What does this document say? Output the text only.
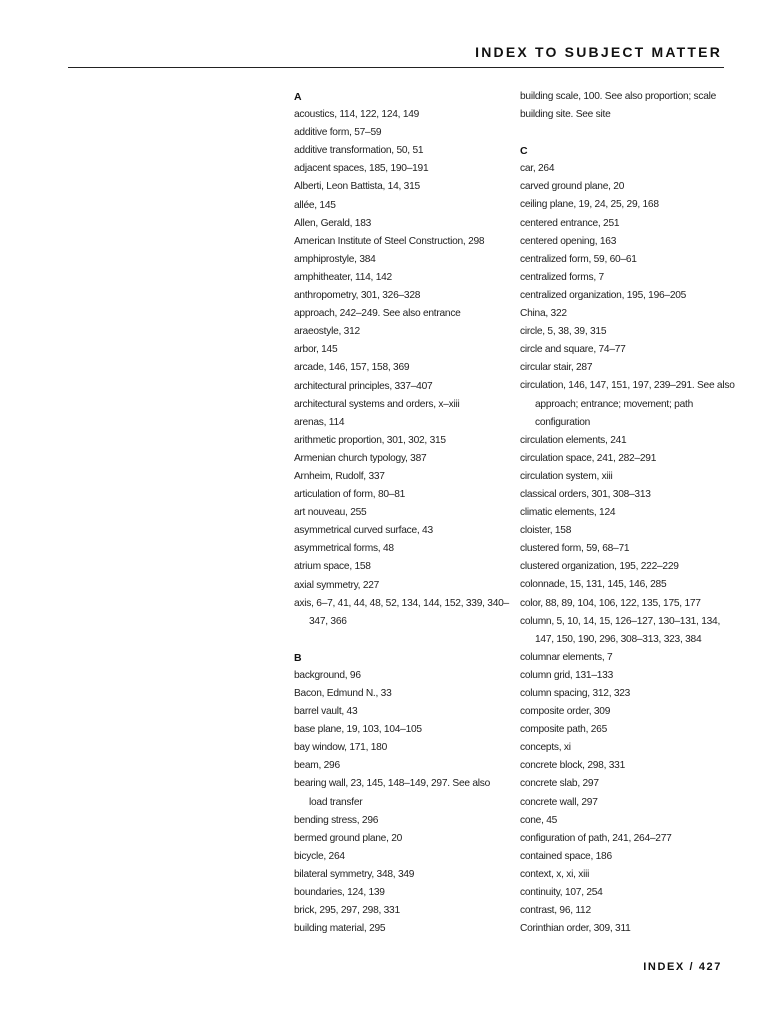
INDEX TO SUBJECT MATTER
A
acoustics, 114, 122, 124, 149
additive form, 57–59
additive transformation, 50, 51
adjacent spaces, 185, 190–191
Alberti, Leon Battista, 14, 315
allée, 145
Allen, Gerald, 183
American Institute of Steel Construction, 298
amphiprostyle, 384
amphitheater, 114, 142
anthropometry, 301, 326–328
approach, 242–249. See also entrance
araeostyle, 312
arbor, 145
arcade, 146, 157, 158, 369
architectural principles, 337–407
architectural systems and orders, x–xiii
arenas, 114
arithmetic proportion, 301, 302, 315
Armenian church typology, 387
Arnheim, Rudolf, 337
articulation of form, 80–81
art nouveau, 255
asymmetrical curved surface, 43
asymmetrical forms, 48
atrium space, 158
axial symmetry, 227
axis, 6–7, 41, 44, 48, 52, 134, 144, 152, 339, 340–347, 366
B
background, 96
Bacon, Edmund N., 33
barrel vault, 43
base plane, 19, 103, 104–105
bay window, 171, 180
beam, 296
bearing wall, 23, 145, 148–149, 297. See also load transfer
bending stress, 296
bermed ground plane, 20
bicycle, 264
bilateral symmetry, 348, 349
boundaries, 124, 139
brick, 295, 297, 298, 331
building material, 295
building scale, 100. See also proportion; scale
building site. See site
C
car, 264
carved ground plane, 20
ceiling plane, 19, 24, 25, 29, 168
centered entrance, 251
centered opening, 163
centralized form, 59, 60–61
centralized forms, 7
centralized organization, 195, 196–205
China, 322
circle, 5, 38, 39, 315
circle and square, 74–77
circular stair, 287
circulation, 146, 147, 151, 197, 239–291. See also approach; entrance; movement; path configuration
circulation elements, 241
circulation space, 241, 282–291
circulation system, xiii
classical orders, 301, 308–313
climatic elements, 124
cloister, 158
clustered form, 59, 68–71
clustered organization, 195, 222–229
colonnade, 15, 131, 145, 146, 285
color, 88, 89, 104, 106, 122, 135, 175, 177
column, 5, 10, 14, 15, 126–127, 130–131, 134, 147, 150, 190, 296, 308–313, 323, 384
columnar elements, 7
column grid, 131–133
column spacing, 312, 323
composite order, 309
composite path, 265
concepts, xi
concrete block, 298, 331
concrete slab, 297
concrete wall, 297
cone, 45
configuration of path, 241, 264–277
contained space, 186
context, x, xi, xiii
continuity, 107, 254
contrast, 96, 112
Corinthian order, 309, 311
INDEX / 427
